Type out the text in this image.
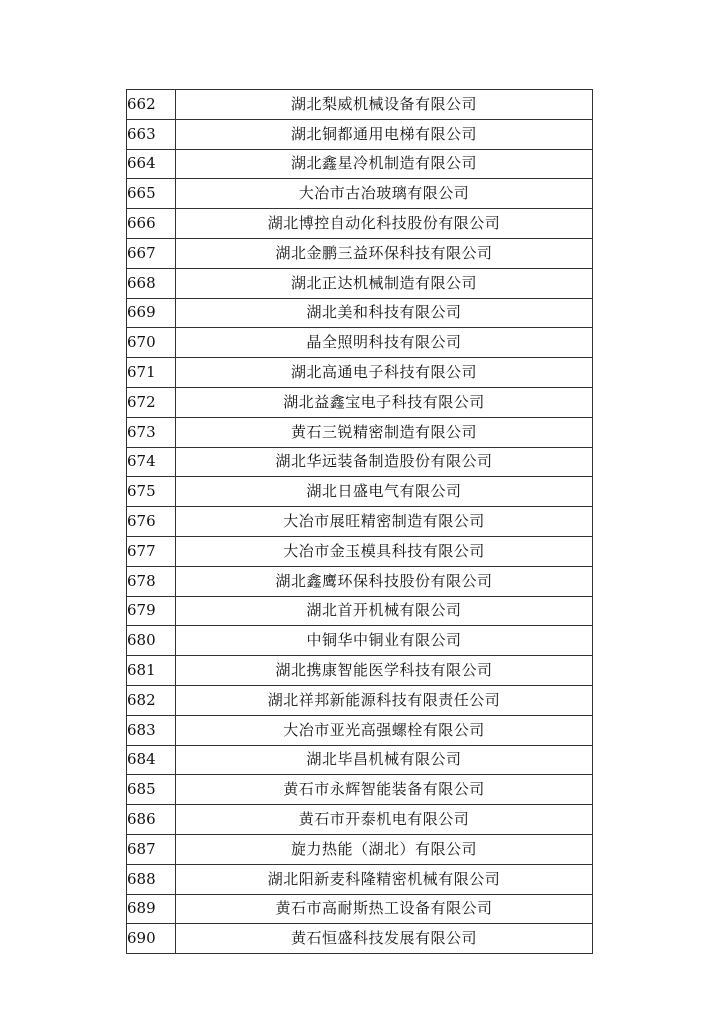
662	湖北梨威机械设备有限公司
663	湖北铜都通用电梯有限公司
664	湖北鑫星冷机制造有限公司
665	大冶市古冶玻璃有限公司
666	湖北博控自动化科技股份有限公司
667	湖北金鹏三益环保科技有限公司
668	湖北正达机械制造有限公司
669	湖北美和科技有限公司
670	晶全照明科技有限公司
671	湖北高通电子科技有限公司
672	湖北益鑫宝电子科技有限公司
673	黄石三锐精密制造有限公司
674	湖北华远装备制造股份有限公司
675	湖北日盛电气有限公司
676	大冶市展旺精密制造有限公司
677	大冶市金玉模具科技有限公司
678	湖北鑫鹰环保科技股份有限公司
679	湖北首开机械有限公司
680	中铜华中铜业有限公司
681	湖北携康智能医学科技有限公司
682	湖北祥邦新能源科技有限责任公司
683	大冶市亚光高强螺栓有限公司
684	湖北毕昌机械有限公司
685	黄石市永辉智能装备有限公司
686	黄石市开泰机电有限公司
687	旋力热能（湖北）有限公司
688	湖北阳新麦科隆精密机械有限公司
689	黄石市高耐斯热工设备有限公司
690	黄石恒盛科技发展有限公司
